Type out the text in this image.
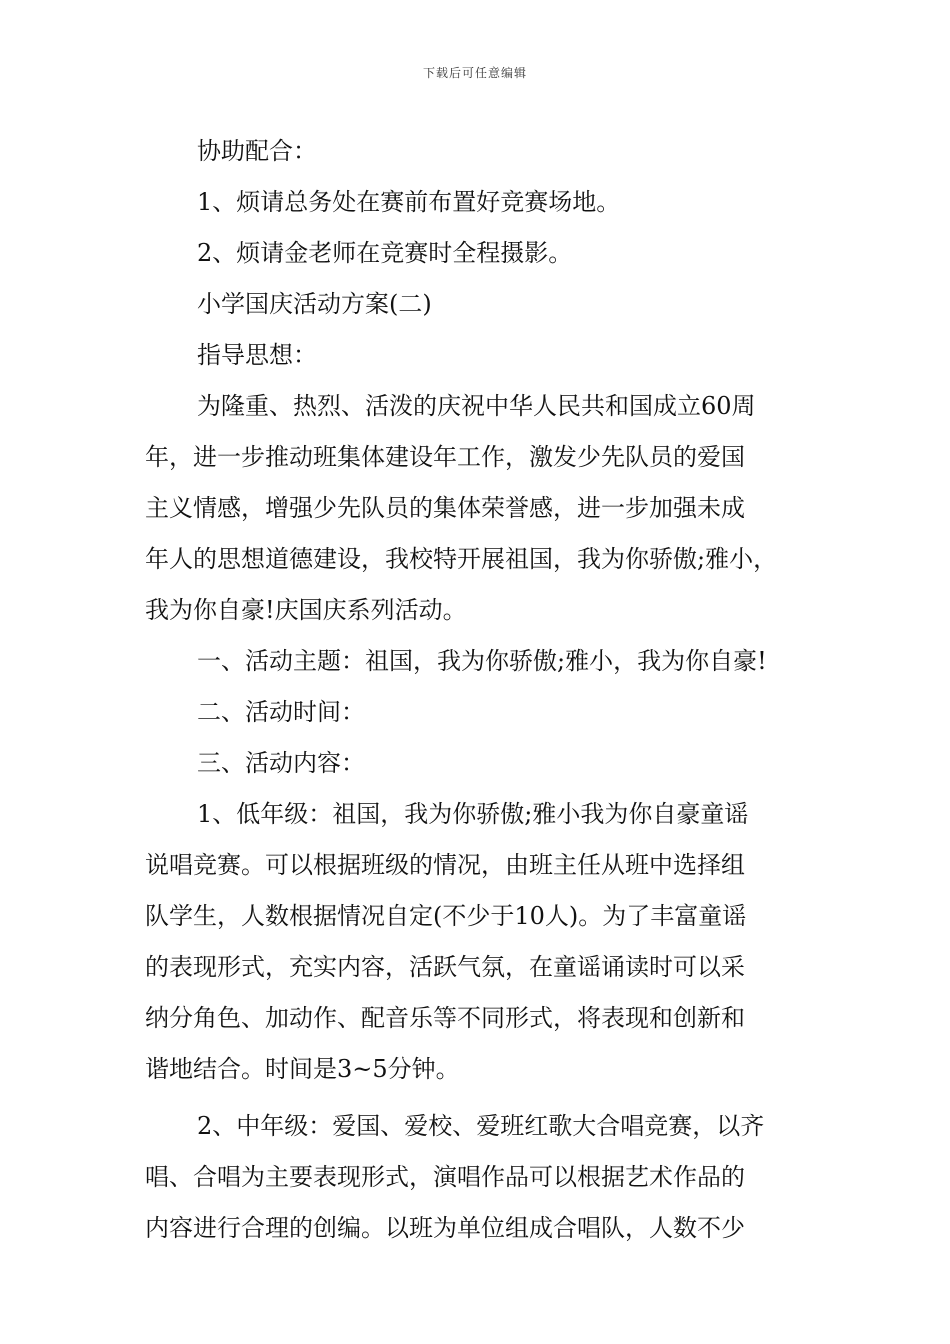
下载后可任意编辑
协助配合：
1、烦请总务处在赛前布置好竞赛场地。
2、烦请金老师在竞赛时全程摄影。
小学国庆活动方案(二)
指导思想：
为隆重、热烈、活泼的庆祝中华人民共和国成立60周
年，进一步推动班集体建设年工作，激发少先队员的爱国
主义情感，增强少先队员的集体荣誉感，进一步加强未成
年人的思想道德建设，我校特开展祖国，我为你骄傲;雅小，
我为你自豪!庆国庆系列活动。
一、活动主题：祖国，我为你骄傲;雅小，我为你自豪!
二、活动时间：
三、活动内容：
1、低年级：祖国，我为你骄傲;雅小我为你自豪童谣
说唱竞赛。可以根据班级的情况，由班主任从班中选择组
队学生，人数根据情况自定(不少于10人)。为了丰富童谣
的表现形式，充实内容，活跃气氛，在童谣诵读时可以采
纳分角色、加动作、配音乐等不同形式，将表现和创新和
谐地结合。时间是3~5分钟。
2、中年级：爱国、爱校、爱班红歌大合唱竞赛，以齐
唱、合唱为主要表现形式，演唱作品可以根据艺术作品的
内容进行合理的创编。以班为单位组成合唱队，人数不少
